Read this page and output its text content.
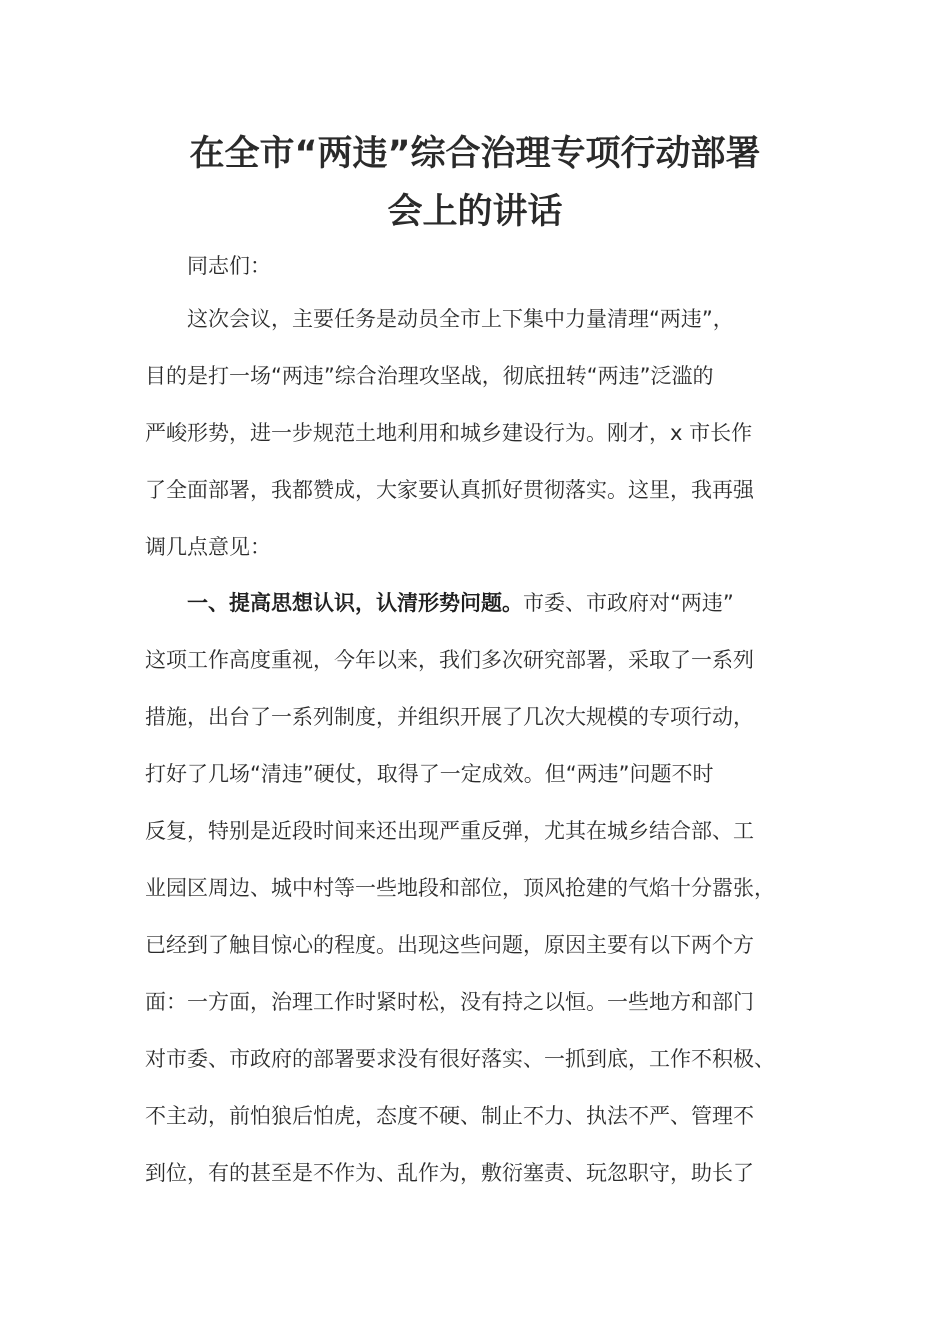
在全市“两违”综合治理专项行动部署
会上的讲话
同志们：
这次会议，主要任务是动员全市上下集中力量清理“两违”，
目的是打一场“两违”综合治理攻坚战，彻底扭转“两违”泛滥的
严峻形势，进一步规范土地利用和城乡建设行为。刚才，x 市长作
了全面部署，我都赞成，大家要认真抓好贯彻落实。这里，我再强
调几点意见：
一、提高思想认识，认清形势问题。市委、市政府对“两违”
这项工作高度重视，今年以来，我们多次研究部署，采取了一系列
措施，出台了一系列制度，并组织开展了几次大规模的专项行动，
打好了几场“清违”硬仗，取得了一定成效。但“两违”问题不时
反复，特别是近段时间来还出现严重反弹，尤其在城乡结合部、工
业园区周边、城中村等一些地段和部位，顶风抢建的气焰十分嚣张，
已经到了触目惊心的程度。出现这些问题，原因主要有以下两个方
面：一方面，治理工作时紧时松，没有持之以恒。一些地方和部门
对市委、市政府的部署要求没有很好落实、一抓到底，工作不积极、
不主动，前怕狼后怕虎，态度不硬、制止不力、执法不严、管理不
到位，有的甚至是不作为、乱作为，敷衍塞责、玩忽职守，助长了
